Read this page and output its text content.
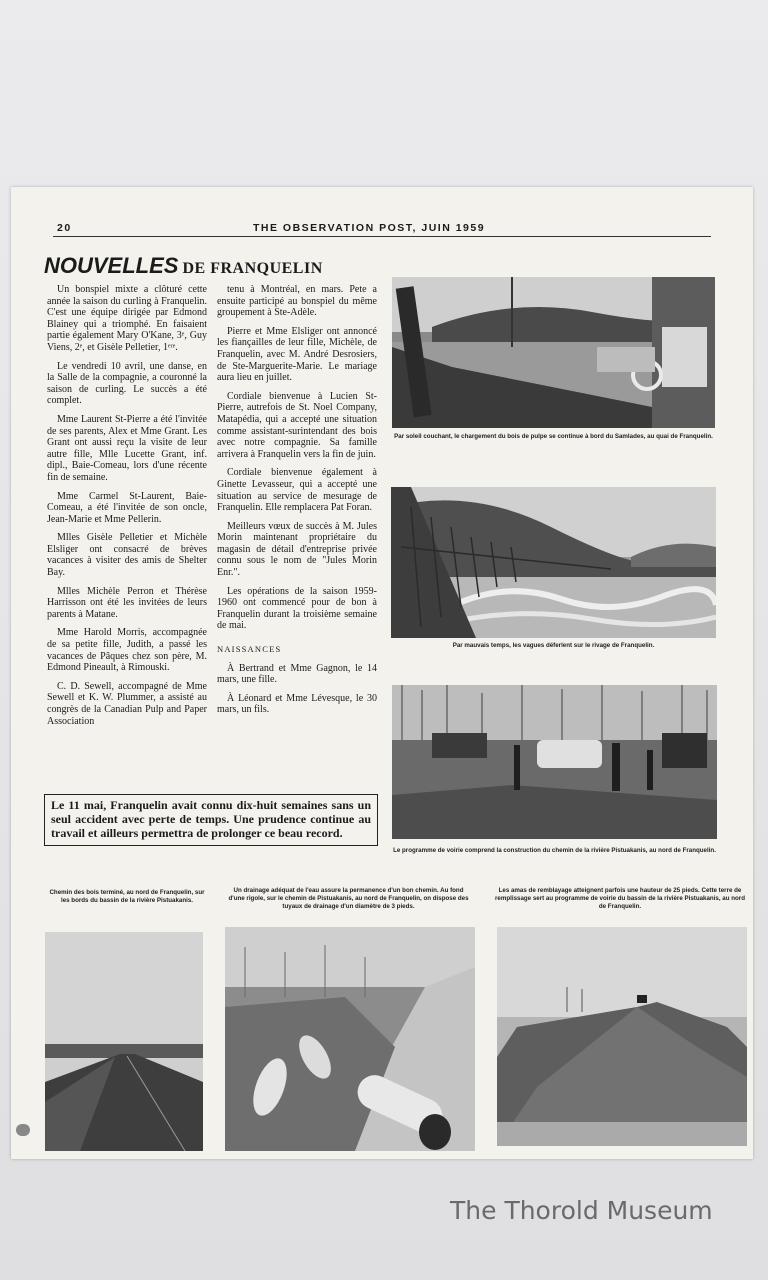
20	THE OBSERVATION POST, JUIN 1959
NOUVELLES DE FRANQUELIN

Un bonspiel mixte a clôturé cette année la saison du curling à Franquelin. C'est une équipe dirigée par Edmond Blainey qui a triomphé. En faisaient partie également Mary O'Kane, 3ᵉ, Guy Viens, 2ᵉ, et Gisèle Pelletier, 1ᵉʳᵉ.

Le vendredi 10 avril, une danse, en la Salle de la compagnie, a couronné la saison de curling. Le succès a été complet.

Mme Laurent St-Pierre a été l'invitée de ses parents, Alex et Mme Grant. Les Grant ont aussi reçu la visite de leur autre fille, Mlle Lucette Grant, inf. dipl., Baie-Comeau, lors d'une récente fin de semaine.

Mme Carmel St-Laurent, Baie-Comeau, a été l'invitée de son oncle, Jean-Marie et Mme Pellerin.

Mlles Gisèle Pelletier et Michèle Elsliger ont consacré de brèves vacances à visiter des amis de Shelter Bay.

Mlles Michèle Perron et Thérèse Harrisson ont été les invitées de leurs parents à Matane.

Mme Harold Morris, accompagnée de sa petite fille, Judith, a passé les vacances de Pâques chez son père, M. Edmond Pineault, à Rimouski.

C. D. Sewell, accompagné de Mme Sewell et K. W. Plummer, a assisté au congrès de la Canadian Pulp and Paper Association

tenu à Montréal, en mars. Pete a ensuite participé au bonspiel du même groupement à Ste-Adèle.

Pierre et Mme Elsliger ont annoncé les fiançailles de leur fille, Michèle, de Franquelin, avec M. André Desrosiers, de Ste-Marguerite-Marie. Le mariage aura lieu en juillet.

Cordiale bienvenue à Lucien St-Pierre, autrefois de St. Noel Company, Matapédia, qui a accepté une situation comme assistant-surintendant des bois avec notre compagnie. Sa famille arrivera à Franquelin vers la fin de juin.

Cordiale bienvenue également à Ginette Levasseur, qui a accepté une situation au service de mesurage de Franquelin. Elle remplacera Pat Foran.

Meilleurs vœux de succès à M. Jules Morin maintenant propriétaire du magasin de détail d'entreprise privée connu sous le nom de "Jules Morin Enr.".

Les opérations de la saison 1959-1960 ont commencé pour de bon à Franquelin durant la troisième semaine de mai.

NAISSANCES

À Bertrand et Mme Gagnon, le 14 mars, une fille.

À Léonard et Mme Lévesque, le 30 mars, un fils.

Le 11 mai, Franquelin avait connu dix-huit semaines sans un seul accident avec perte de temps. Une prudence continue au travail et ailleurs permettra de prolonger ce beau record.
Par soleil couchant, le chargement du bois de pulpe se continue à bord du Samlades, au quai de Franquelin.
Par mauvais temps, les vagues déferlent sur le rivage de Franquelin.
Le programme de voirie comprend la construction du chemin de la rivière Pistuakanis, au nord de Franquelin.
Chemin des bois terminé, au nord de Franquelin, sur les bords du bassin de la rivière Pistuakanis.
Un drainage adéquat de l'eau assure la permanence d'un bon chemin. Au fond d'une rigole, sur le chemin de Pistuakanis, au nord de Franquelin, on dispose des tuyaux de drainage d'un diamètre de 3 pieds.
Les amas de remblayage atteignent parfois une hauteur de 25 pieds. Cette terre de remplissage sert au programme de voirie du bassin de la rivière Pistuakanis, au nord de Franquelin.
The Thorold Museum
